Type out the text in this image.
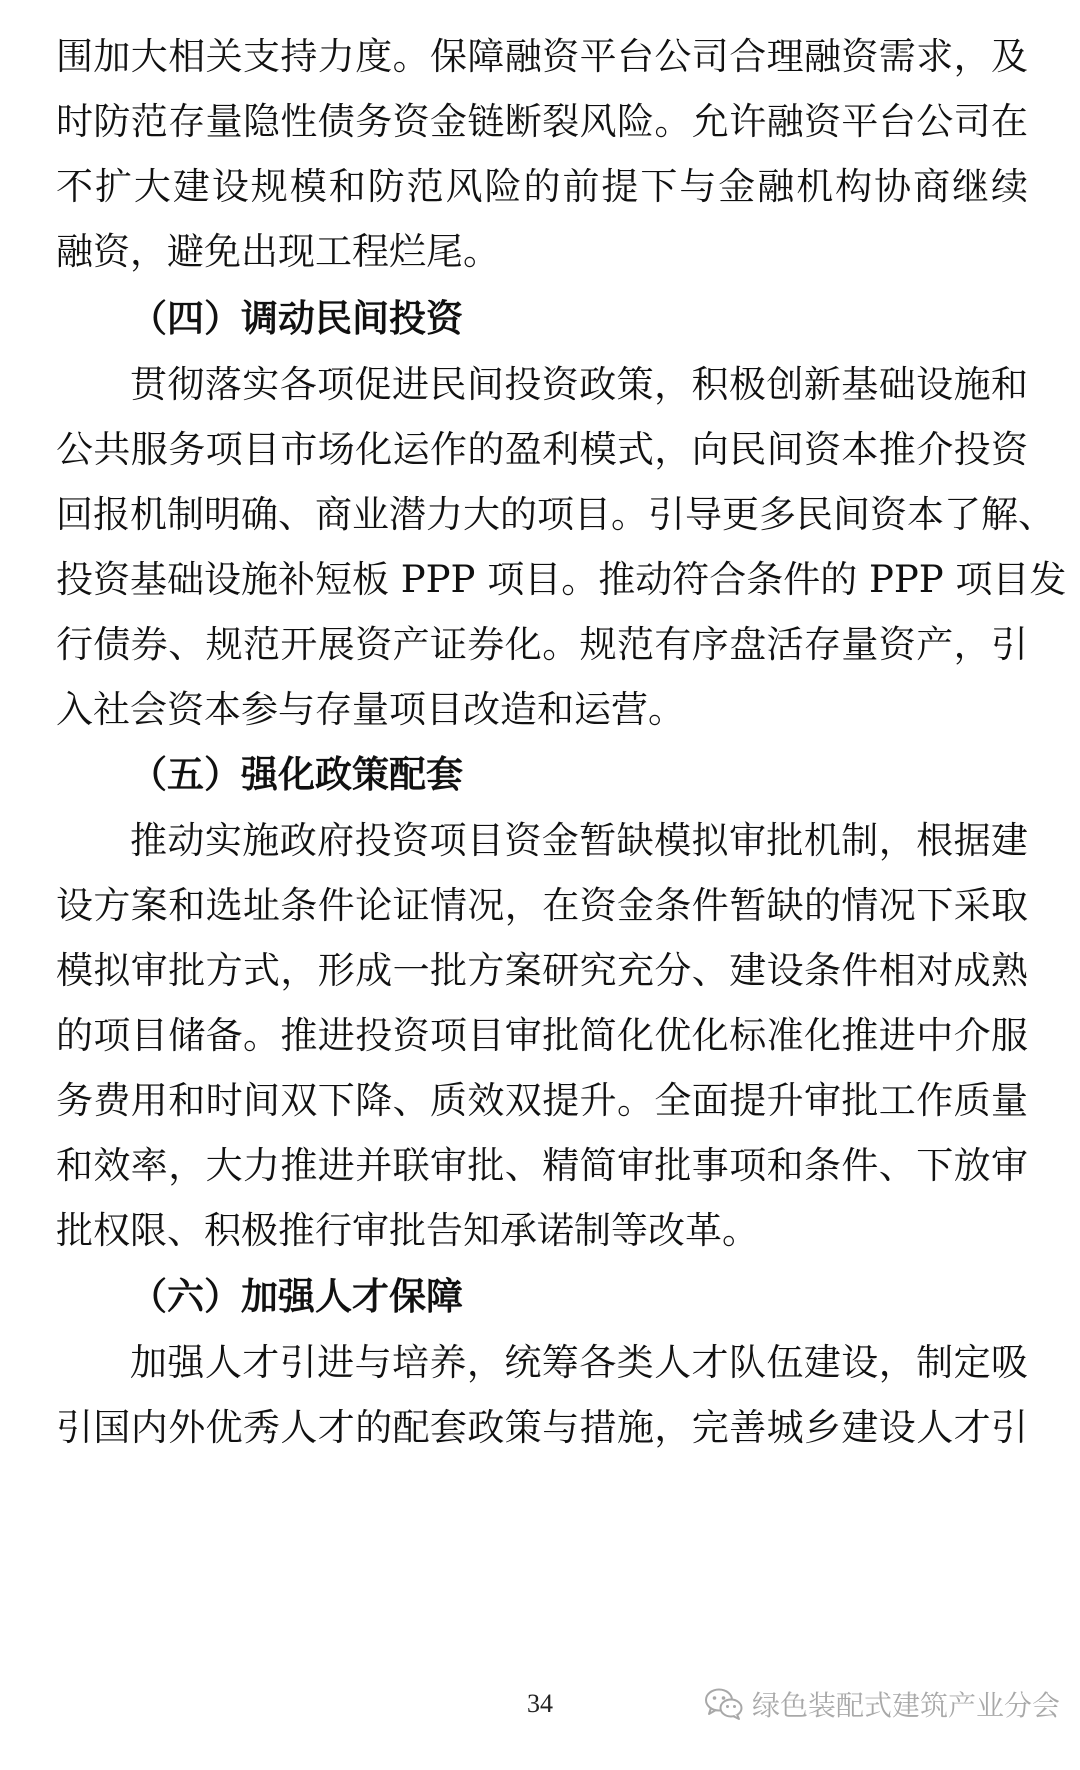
围加大相关支持力度。保障融资平台公司合理融资需求，及
时防范存量隐性债务资金链断裂风险。允许融资平台公司在
不扩大建设规模和防范风险的前提下与金融机构协商继续
融资，避免出现工程烂尾。
（四）调动民间投资
贯彻落实各项促进民间投资政策，积极创新基础设施和
公共服务项目市场化运作的盈利模式，向民间资本推介投资
回报机制明确、商业潜力大的项目。引导更多民间资本了解、
投资基础设施补短板 PPP 项目。推动符合条件的 PPP 项目发
行债券、规范开展资产证券化。规范有序盘活存量资产，引
入社会资本参与存量项目改造和运营。
（五）强化政策配套
推动实施政府投资项目资金暂缺模拟审批机制，根据建
设方案和选址条件论证情况，在资金条件暂缺的情况下采取
模拟审批方式，形成一批方案研究充分、建设条件相对成熟
的项目储备。推进投资项目审批简化优化标准化推进中介服
务费用和时间双下降、质效双提升。全面提升审批工作质量
和效率，大力推进并联审批、精简审批事项和条件、下放审
批权限、积极推行审批告知承诺制等改革。
（六）加强人才保障
加强人才引进与培养，统筹各类人才队伍建设，制定吸
引国内外优秀人才的配套政策与措施，完善城乡建设人才引
34	绿色装配式建筑产业分会
